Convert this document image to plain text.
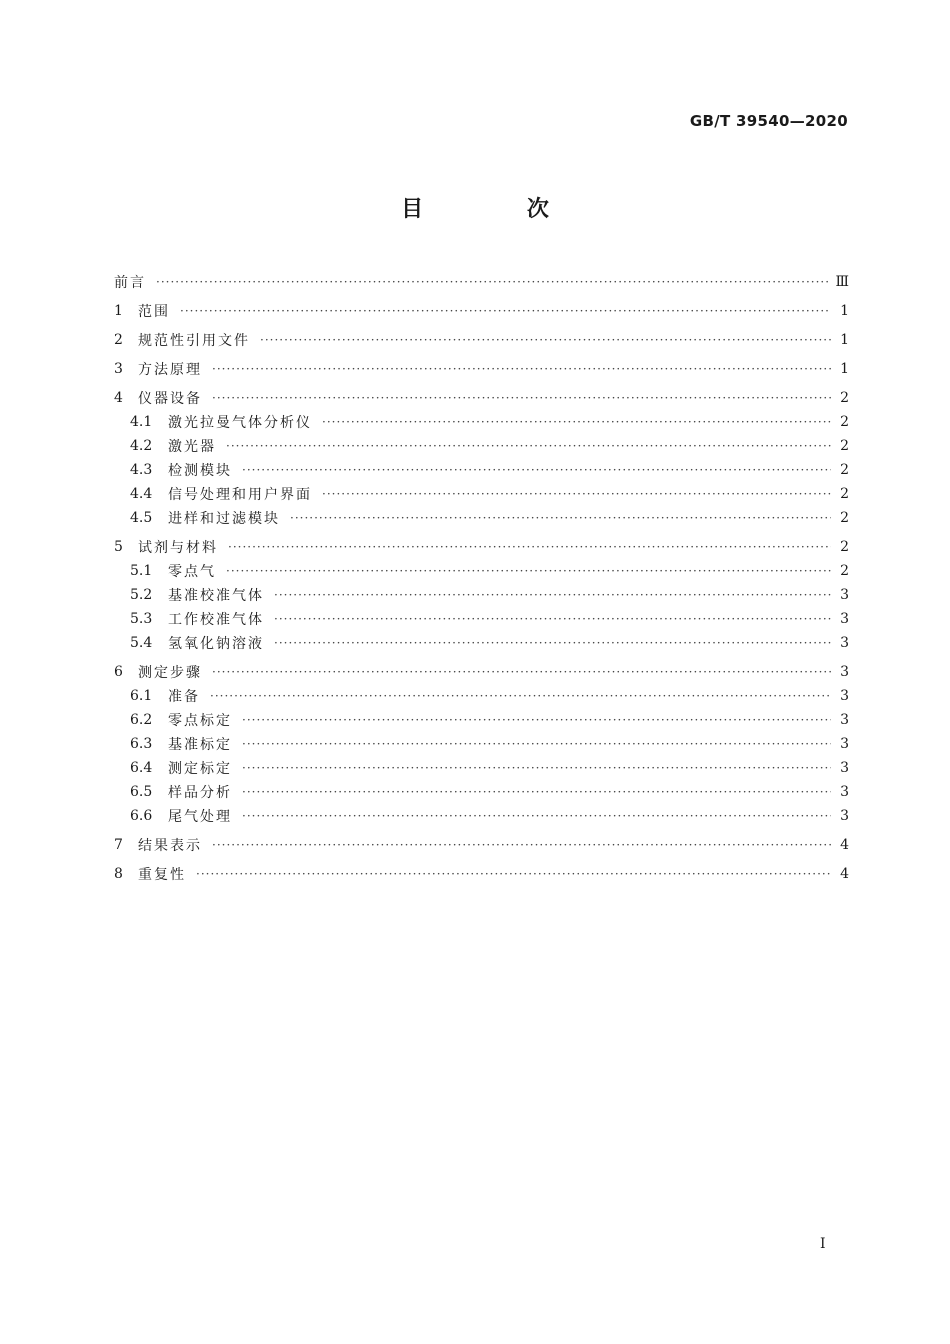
GB/T 39540—2020
目 次
前言 ·····	Ⅲ
1	范围 ·····	1
2	规范性引用文件 ·····	1
3	方法原理 ·····	1
4	仪器设备 ·····	2
4.1	激光拉曼气体分析仪 ·····	2
4.2	激光器 ·····	2
4.3	检测模块 ·····	2
4.4	信号处理和用户界面 ·····	2
4.5	进样和过滤模块 ·····	2
5	试剂与材料 ·····	2
5.1	零点气 ·····	2
5.2	基准校准气体 ·····	3
5.3	工作校准气体 ·····	3
5.4	氢氧化钠溶液 ·····	3
6	测定步骤 ·····	3
6.1	准备 ·····	3
6.2	零点标定 ·····	3
6.3	基准标定 ·····	3
6.4	测定标定 ·····	3
6.5	样品分析 ·····	3
6.6	尾气处理 ·····	3
7	结果表示 ·····	4
8	重复性 ·····	4
I
